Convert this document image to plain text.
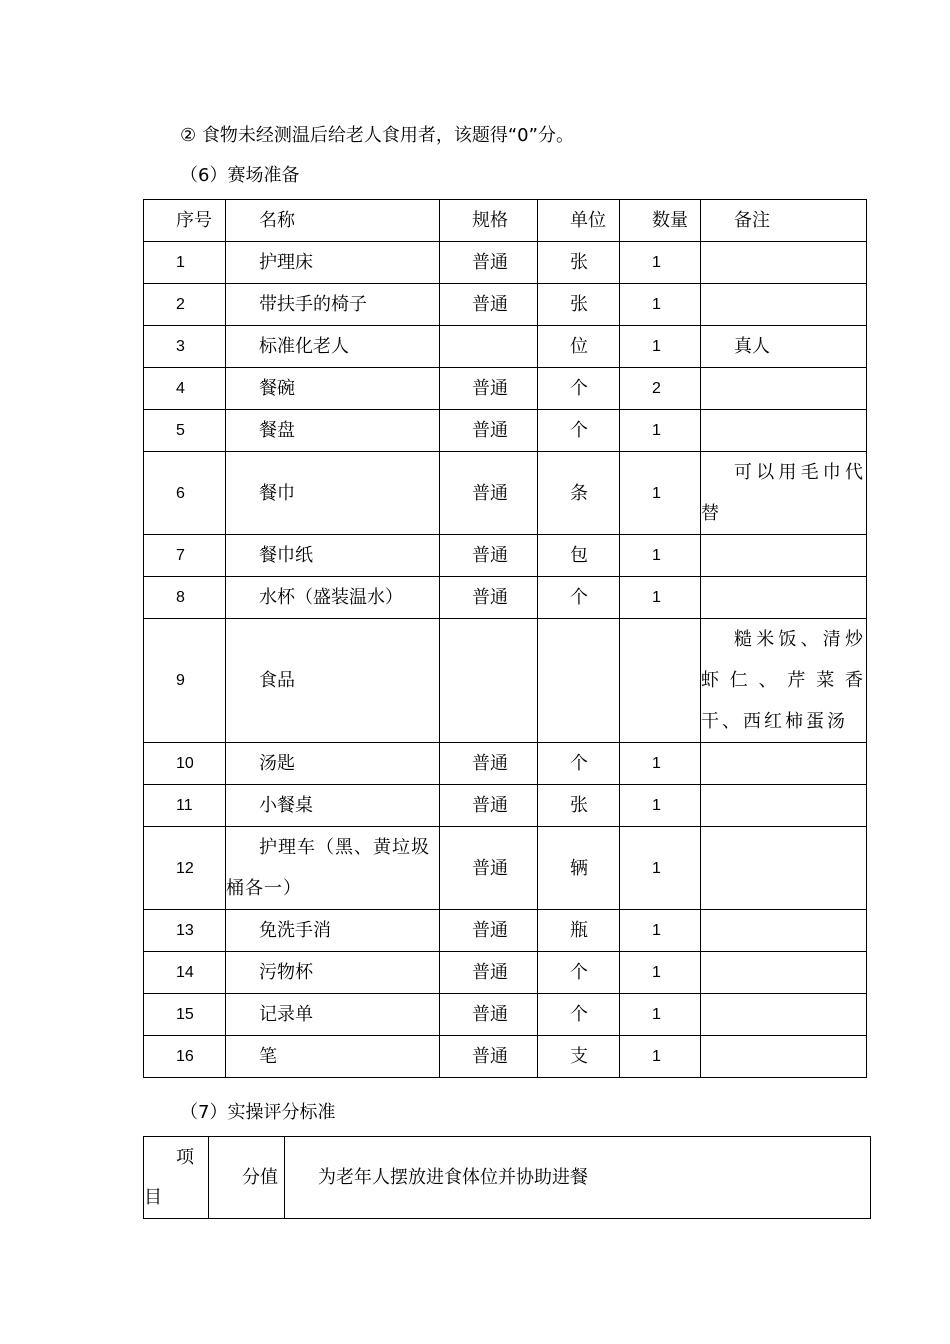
② 食物未经测温后给老人食用者，该题得“0”分。
（6）赛场准备
序号	名称	规格	单位	数量	备注
1	护理床	普通	张	1	
2	带扶手的椅子	普通	张	1	
3	标准化老人		位	1	真人
4	餐碗	普通	个	2	
5	餐盘	普通	个	1	
6	餐巾	普通	条	1	可以用毛巾代替
7	餐巾纸	普通	包	1	
8	水杯（盛装温水）	普通	个	1	
9	食品				糙米饭、清炒虾仁、芹菜香干、西红柿蛋汤
10	汤匙	普通	个	1	
11	小餐桌	普通	张	1	
12	护理车（黑、黄垃圾桶各一）	普通	辆	1	
13	免洗手消	普通	瓶	1	
14	污物杯	普通	个	1	
15	记录单	普通	个	1	
16	笔	普通	支	1	
（7）实操评分标准
项目	分值	为老年人摆放进食体位并协助进餐
